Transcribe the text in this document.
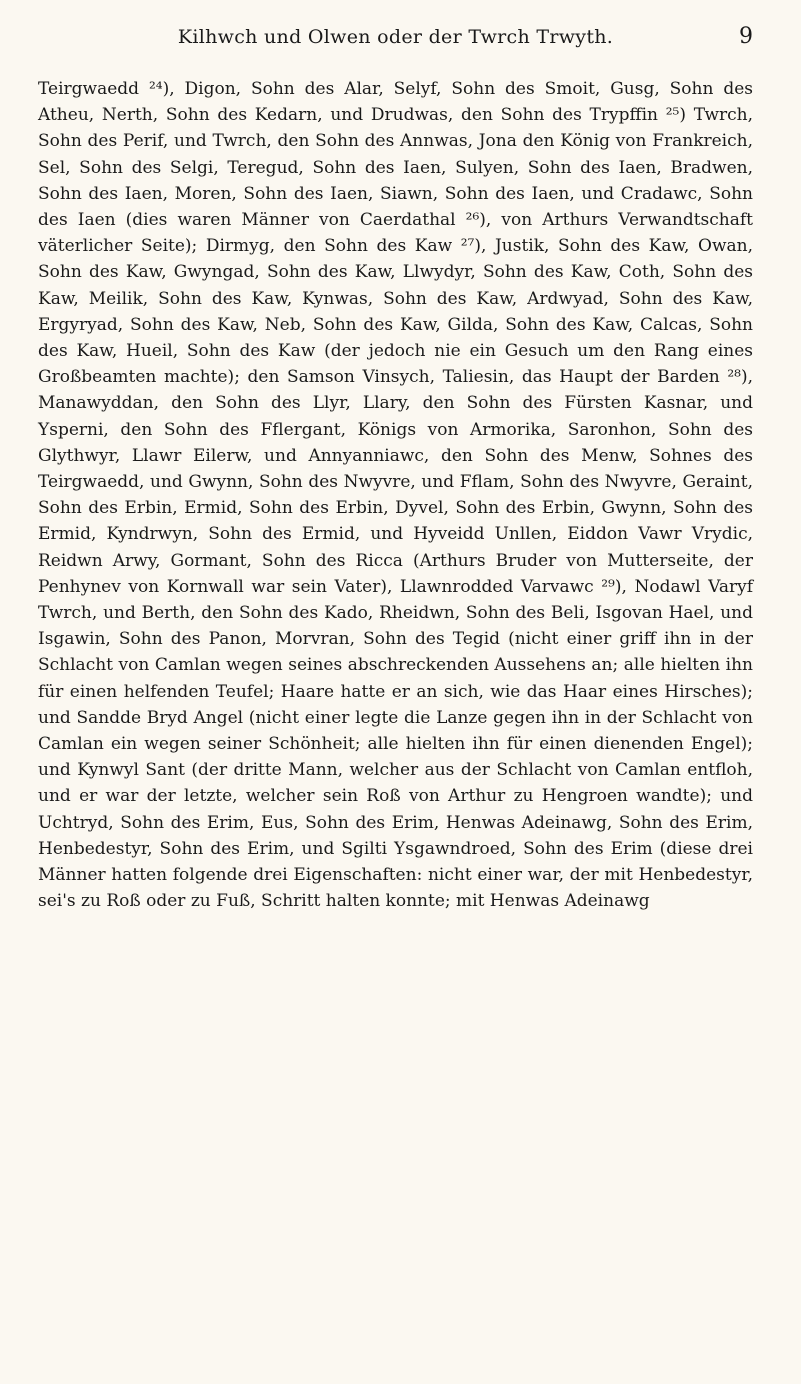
Kilhwch und Olwen oder der Twrch Trwyth.	9
Teirgwaedd ²⁴), Digon, Sohn des Alar, Selyf, Sohn des Smoit, Gusg, Sohn des Atheu, Nerth, Sohn des Kedarn, und Drudwas, den Sohn des Trypffin ²⁵) Twrch, Sohn des Perif, und Twrch, den Sohn des Annwas, Jona den König von Frankreich, Sel, Sohn des Selgi, Teregud, Sohn des Iaen, Sulyen, Sohn des Iaen, Bradwen, Sohn des Iaen, Moren, Sohn des Iaen, Siawn, Sohn des Iaen, und Cradawc, Sohn des Iaen (dies waren Männer von Caerdathal ²⁶), von Arthurs Verwandtschaft väterlicher Seite); Dirmyg, den Sohn des Kaw ²⁷), Justik, Sohn des Kaw, Owan, Sohn des Kaw, Gwyngad, Sohn des Kaw, Llwydyr, Sohn des Kaw, Coth, Sohn des Kaw, Meilik, Sohn des Kaw, Kynwas, Sohn des Kaw, Ardwyad, Sohn des Kaw, Ergyryad, Sohn des Kaw, Neb, Sohn des Kaw, Gilda, Sohn des Kaw, Calcas, Sohn des Kaw, Hueil, Sohn des Kaw (der jedoch nie ein Gesuch um den Rang eines Großbeamten machte); den Samson Vinsych, Taliesin, das Haupt der Barden ²⁸), Manawyddan, den Sohn des Llyr, Llary, den Sohn des Fürsten Kasnar, und Ysperni, den Sohn des Fflergant, Königs von Armorika, Saronhon, Sohn des Glythwyr, Llawr Eilerw, und Annyanniawc, den Sohn des Menw, Sohnes des Teirgwaedd, und Gwynn, Sohn des Nwyvre, und Fflam, Sohn des Nwyvre, Geraint, Sohn des Erbin, Ermid, Sohn des Erbin, Dyvel, Sohn des Erbin, Gwynn, Sohn des Ermid, Kyndrwyn, Sohn des Ermid, und Hyveidd Unllen, Eiddon Vawr Vrydic, Reidwn Arwy, Gormant, Sohn des Ricca (Arthurs Bruder von Mutterseite, der Penhynev von Kornwall war sein Vater), Llawnrodded Varvawc ²⁹), Nodawl Varyf Twrch, und Berth, den Sohn des Kado, Rheidwn, Sohn des Beli, Isgovan Hael, und Isgawin, Sohn des Panon, Morvran, Sohn des Tegid (nicht einer griff ihn in der Schlacht von Camlan wegen seines abschreckenden Aussehens an; alle hielten ihn für einen helfenden Teufel; Haare hatte er an sich, wie das Haar eines Hirsches); und Sandde Bryd Angel (nicht einer legte die Lanze gegen ihn in der Schlacht von Camlan ein wegen seiner Schönheit; alle hielten ihn für einen dienenden Engel); und Kynwyl Sant (der dritte Mann, welcher aus der Schlacht von Camlan entfloh, und er war der letzte, welcher sein Roß von Arthur zu Hengroen wandte); und Uchtryd, Sohn des Erim, Eus, Sohn des Erim, Henwas Adeinawg, Sohn des Erim, Henbedestyr, Sohn des Erim, und Sgilti Ysgawndroed, Sohn des Erim (diese drei Männer hatten folgende drei Eigenschaften: nicht einer war, der mit Henbedestyr, sei's zu Roß oder zu Fuß, Schritt halten konnte; mit Henwas Adeinawg
